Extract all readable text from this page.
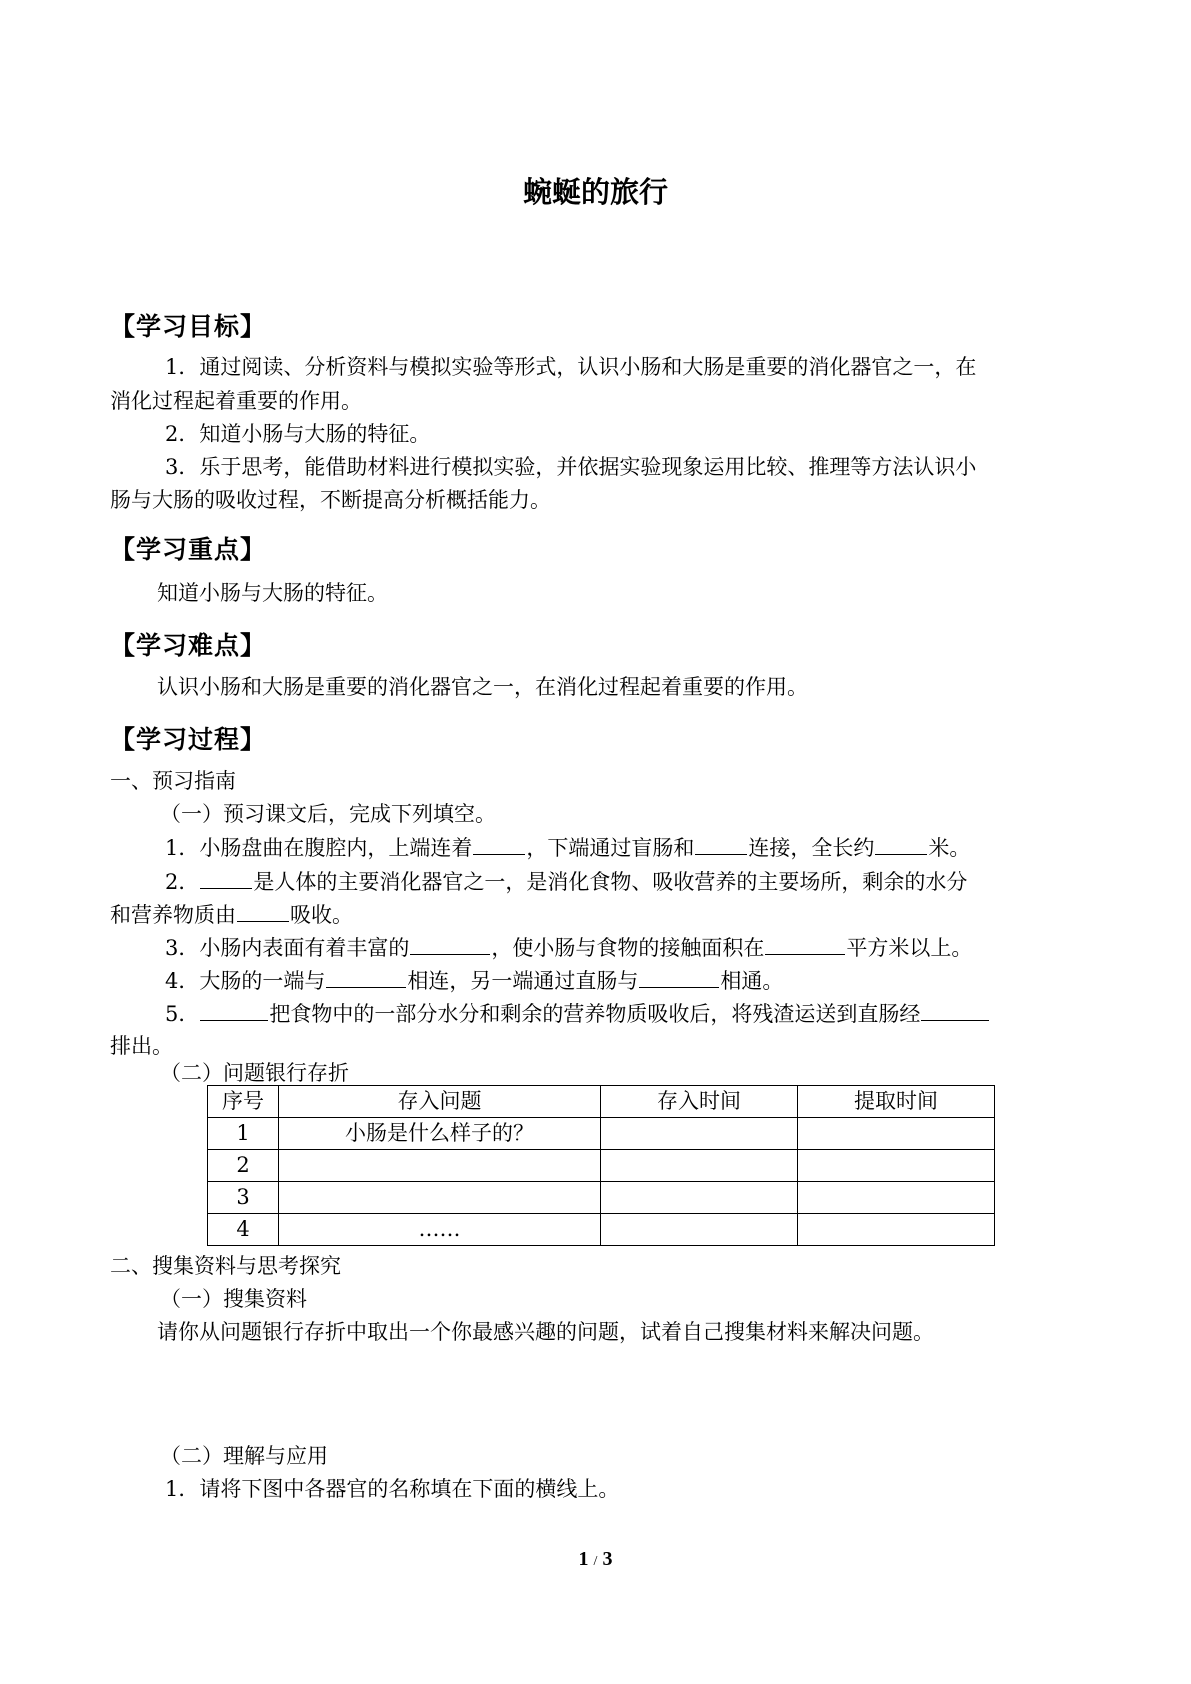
蜿蜒的旅行
【学习目标】
1．通过阅读、分析资料与模拟实验等形式，认识小肠和大肠是重要的消化器官之一，在
消化过程起着重要的作用。
2．知道小肠与大肠的特征。
3．乐于思考，能借助材料进行模拟实验，并依据实验现象运用比较、推理等方法认识小
肠与大肠的吸收过程，不断提高分析概括能力。
【学习重点】
知道小肠与大肠的特征。
【学习难点】
认识小肠和大肠是重要的消化器官之一，在消化过程起着重要的作用。
【学习过程】
一、预习指南
（一）预习课文后，完成下列填空。
1．小肠盘曲在腹腔内，上端连着	，下端通过盲肠和	连接，全长约	米。
2．	是人体的主要消化器官之一，是消化食物、吸收营养的主要场所，剩余的水分
和营养物质由	吸收。
3．小肠内表面有着丰富的	，使小肠与食物的接触面积在	平方米以上。
4．大肠的一端与	相连，另一端通过直肠与	相通。
5．	把食物中的一部分水分和剩余的营养物质吸收后，将残渣运送到直肠经
排出。
（二）问题银行存折
序号	存入问题	存入时间	提取时间
1	小肠是什么样子的？		
2			
3			
4	……		
二、搜集资料与思考探究
（一）搜集资料
请你从问题银行存折中取出一个你最感兴趣的问题，试着自己搜集材料来解决问题。
（二）理解与应用
1．请将下图中各器官的名称填在下面的横线上。
1 / 3
